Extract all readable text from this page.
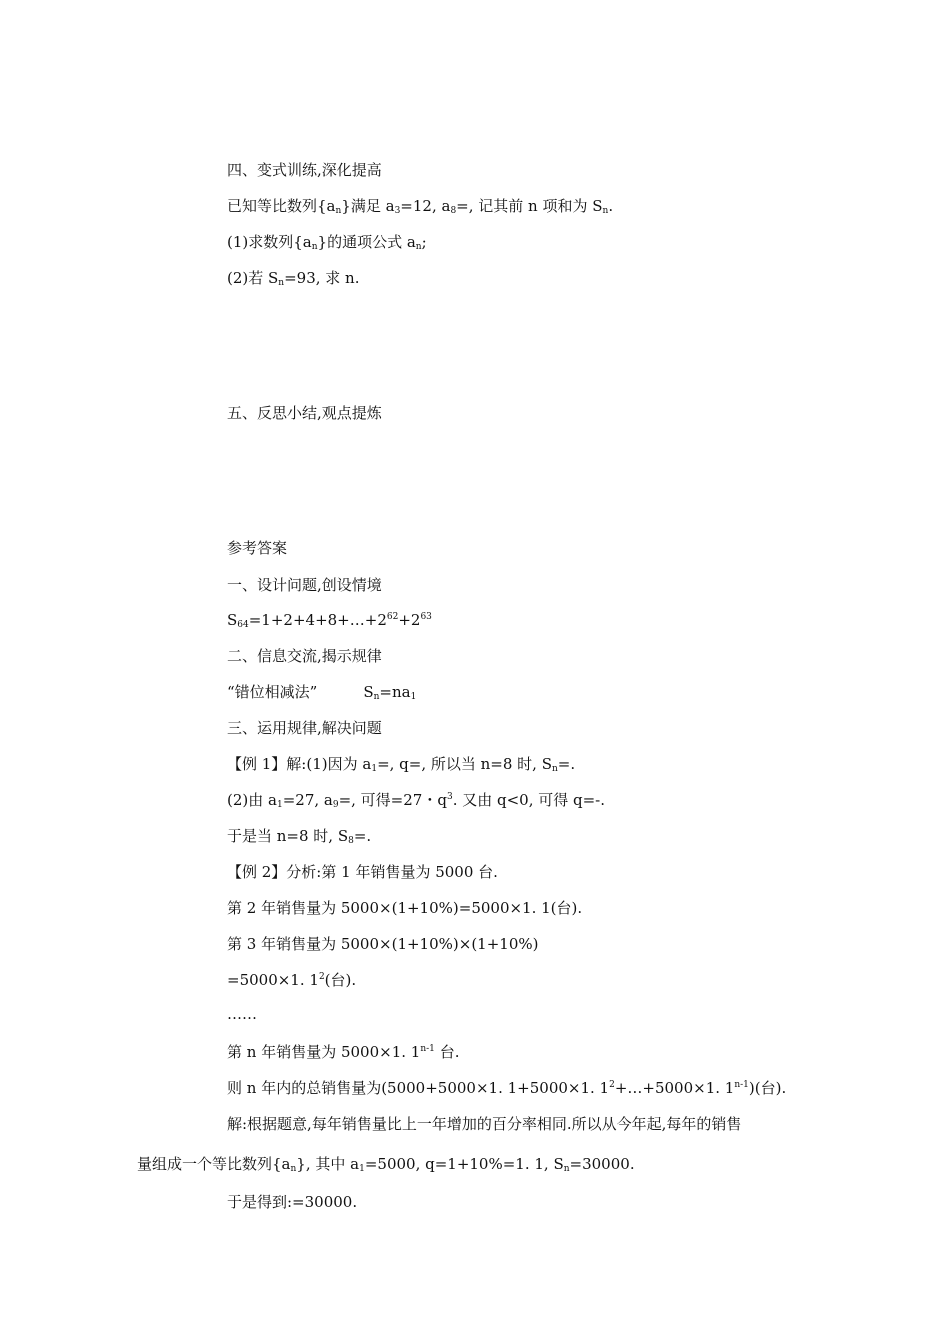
四、变式训练,深化提高
已知等比数列$\{a_n\}$满足 $a_3=12$, $a_8=$, 记其前 n 项和为 $S_n$.
(1)求数列$\{a_n\}$的通项公式 $a_n$;
(2)若 $S_n=93$, 求 n.
五、反思小结,观点提炼
参考答案
一、设计问题,创设情境
$S_{64}=1+2+4+8+\dots+2^{62}+2^{63}$
二、信息交流,揭示规律
“错位相减法”	$S_n=na_1$
三、运用规律,解决问题
【例 1】解:(1)因为 $a_1=$, q=, 所以当 n=8 时, $S_n=$.
(2)由 $a_1=27$, $a_9=$, 可得=27・$q^3$. 又由 q<0, 可得 q=-.
于是当 n=8 时, $S_8=$.
【例 2】分析:第 1 年销售量为 5000 台.
第 2 年销售量为 5000×(1+10%)=5000×1. 1(台).
第 3 年销售量为 5000×(1+10%)×(1+10%)
=5000×1. $1^2$(台).
……
第 n 年销售量为 5000×1. 1$^{n-1}$ 台.
则 n 年内的总销售量为(5000+5000×1. 1+5000×1. $1^2+\dots+5000\times 1$. 1$^{n-1}$)(台).
解:根据题意,每年销售量比上一年增加的百分率相同.所以从今年起,每年的销售
量组成一个等比数列$\{a_n\}$, 其中 $a_1=5000$, q=1+10%=1. 1, $S_n=30000$.
于是得到:=30000.
